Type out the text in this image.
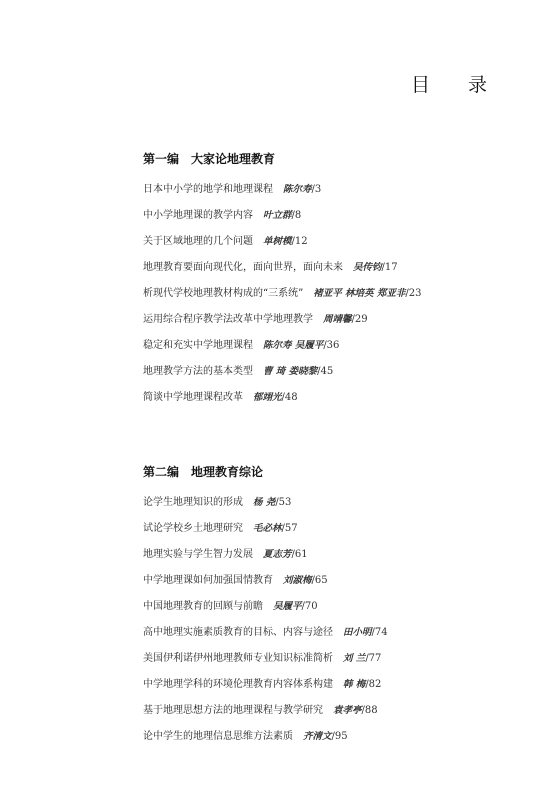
目 录
第一编 大家论地理教育
日本中小学的地学和地理课程 陈尔寿/3
中小学地理课的教学内容 叶立群/8
关于区域地理的几个问题 单树模/12
地理教育要面向现代化，面向世界，面向未来 吴传钧/17
析现代学校地理教材构成的“三系统” 褚亚平 林培英 郑亚非/23
运用综合程序教学法改革中学地理教学 周靖馨/29
稳定和充实中学地理课程 陈尔寿 吴履平/36
地理教学方法的基本类型 曹 琦 娄晓黎/45
简谈中学地理课程改革 郁翊光/48
第二编 地理教育综论
论学生地理知识的形成 杨 尧/53
试论学校乡土地理研究 毛必林/57
地理实验与学生智力发展 夏志芳/61
中学地理课如何加强国情教育 刘淑梅/65
中国地理教育的回顾与前瞻 吴履平/70
高中地理实施素质教育的目标、内容与途径 田小明/74
美国伊利诺伊州地理教师专业知识标准简析 刘 兰/77
中学地理学科的环境伦理教育内容体系构建 韩 梅/82
基于地理思想方法的地理课程与教学研究 袁孝亭/88
论中学生的地理信息思维方法素质 齐清文/95
